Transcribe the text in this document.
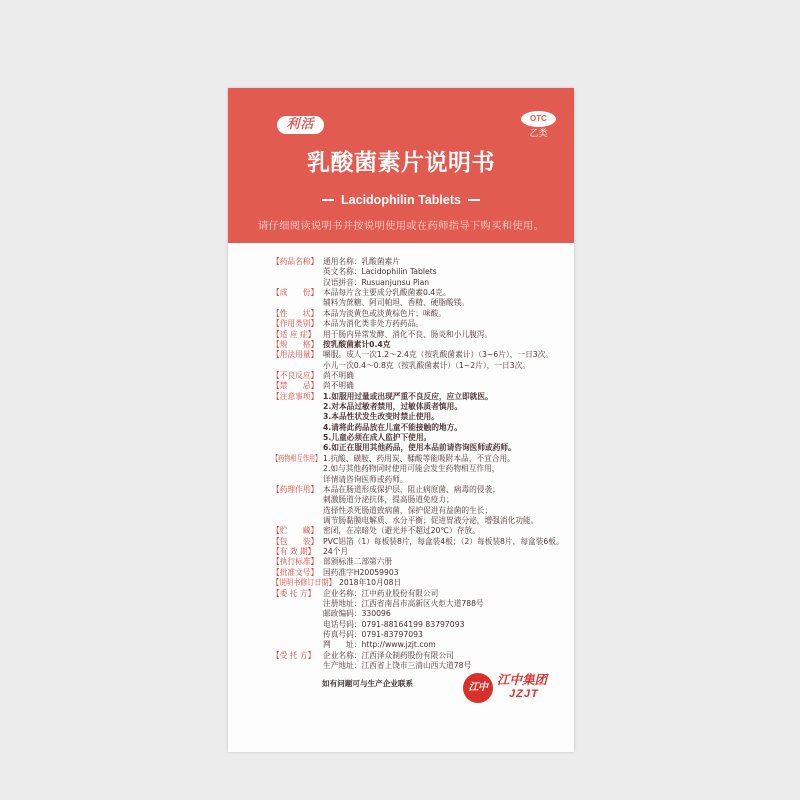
利活	OTC
乙类
乳酸菌素片说明书
Lacidophilin Tablets
请仔细阅读说明书并按说明使用或在药师指导下购买和使用。
【药品名称】 通用名称：乳酸菌素片
英文名称：Lacidophilin Tablets
汉语拼音：Rusuanjunsu Pian
【成　　份】 本品每片含主要成分乳酸菌素0.4克。
辅料为蔗糖、阿司帕坦、香精、硬脂酸镁。
【性　　状】 本品为淡黄色或淡黄棕色片；味酸。
【作用类别】 本品为消化类非处方药药品。
【适 应 症】 用于肠内异常发酵、消化不良、肠炎和小儿腹泻。
【规　　格】 按乳酸菌素计0.4克
【用法用量】 嚼服。成人一次1.2～2.4克（按乳酸菌素计）（3~6片），一日3次。
小儿一次0.4～0.8克（按乳酸菌素计）（1~2片），一日3次。
【不良反应】 尚不明确
【禁　　忌】 尚不明确
【注意事项】 1.如服用过量或出现严重不良反应，应立即就医。
2.对本品过敏者禁用，过敏体质者慎用。
3.本品性状发生改变时禁止使用。
4.请将此药品放在儿童不能接触的地方。
5.儿童必须在成人监护下使用。
6.如正在服用其他药品，使用本品前请咨询医师或药师。
【药物相互作用】 1.抗酸、磺胺、药用炭、鞣酸等能吸附本品，不宜合用。
2.如与其他药物同时使用可能会发生药物相互作用，
详情请咨询医师或药师。
【药理作用】 本品在肠道形成保护层，阻止病原菌、病毒的侵袭；
刺激肠道分泌抗体，提高肠道免疫力；
选择性杀死肠道致病菌，保护促进有益菌的生长；
调节肠黏膜电解质、水分平衡；促进胃液分泌，增强消化功能。
【贮　　藏】 密闭，在凉暗处（避光并不超过20℃）存放。
【包　　装】 PVC铝箔（1）每板装8片，每盒装4板；（2）每板装8片，每盒装6板。
【有 效 期】 24个月
【执行标准】 部颁标准二部第六册
【批准文号】 国药准字H20059903
【说明书修订日期】 2018年10月08日
【委 托 方】 企业名称：江中药业股份有限公司
注册地址：江西省南昌市高新区火炬大道788号
邮政编码：330096
电话号码：0791-88164199 83797093
传真号码：0791-83797093
网　　址：http://www.jzjt.com
【受 托 方】 企业名称：江西泽众制药股份有限公司
生产地址：江西省上饶市三清山西大道78号
如有问题可与生产企业联系	江中
江中集团
JZJT
